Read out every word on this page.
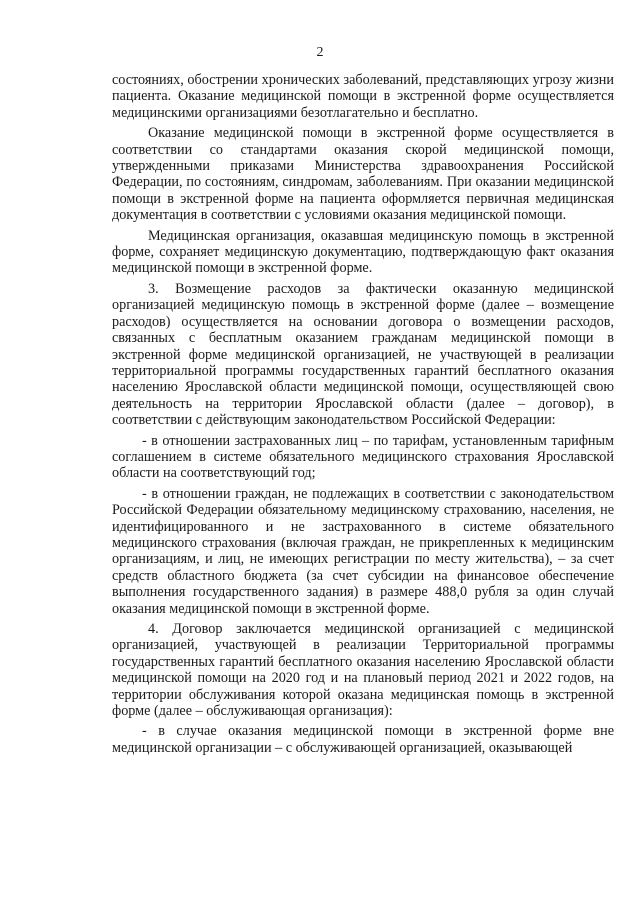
2

состояниях, обострении хронических заболеваний, представляющих угрозу жизни пациента. Оказание медицинской помощи в экстренной форме осуществляется медицинскими организациями безотлагательно и бесплатно.

Оказание медицинской помощи в экстренной форме осуществляется в соответствии со стандартами оказания скорой медицинской помощи, утвержденными приказами Министерства здравоохранения Российской Федерации, по состояниям, синдромам, заболеваниям. При оказании медицинской помощи в экстренной форме на пациента оформляется первичная медицинская документация в соответствии с условиями оказания медицинской помощи.

Медицинская организация, оказавшая медицинскую помощь в экстренной форме, сохраняет медицинскую документацию, подтверждающую факт оказания медицинской помощи в экстренной форме.

3. Возмещение расходов за фактически оказанную медицинской организацией медицинскую помощь в экстренной форме (далее – возмещение расходов) осуществляется на основании договора о возмещении расходов, связанных с бесплатным оказанием гражданам медицинской помощи в экстренной форме медицинской организацией, не участвующей в реализации территориальной программы государственных гарантий бесплатного оказания населению Ярославской области медицинской помощи, осуществляющей свою деятельность на территории Ярославской области (далее – договор), в соответствии с действующим законодательством Российской Федерации:

- в отношении застрахованных лиц – по тарифам, установленным тарифным соглашением в системе обязательного медицинского страхования Ярославской области на соответствующий год;

- в отношении граждан, не подлежащих в соответствии с законодательством Российской Федерации обязательному медицинскому страхованию, населения, не идентифицированного и не застрахованного в системе обязательного медицинского страхования (включая граждан, не прикрепленных к медицинским организациям, и лиц, не имеющих регистрации по месту жительства), – за счет средств областного бюджета (за счет субсидии на финансовое обеспечение выполнения государственного задания) в размере 488,0 рубля за один случай оказания медицинской помощи в экстренной форме.

4. Договор заключается медицинской организацией с медицинской организацией, участвующей в реализации Территориальной программы государственных гарантий бесплатного оказания населению Ярославской области медицинской помощи на 2020 год и на плановый период 2021 и 2022 годов, на территории обслуживания которой оказана медицинская помощь в экстренной форме (далее – обслуживающая организация):

- в случае оказания медицинской помощи в экстренной форме вне медицинской организации – с обслуживающей организацией, оказывающей
